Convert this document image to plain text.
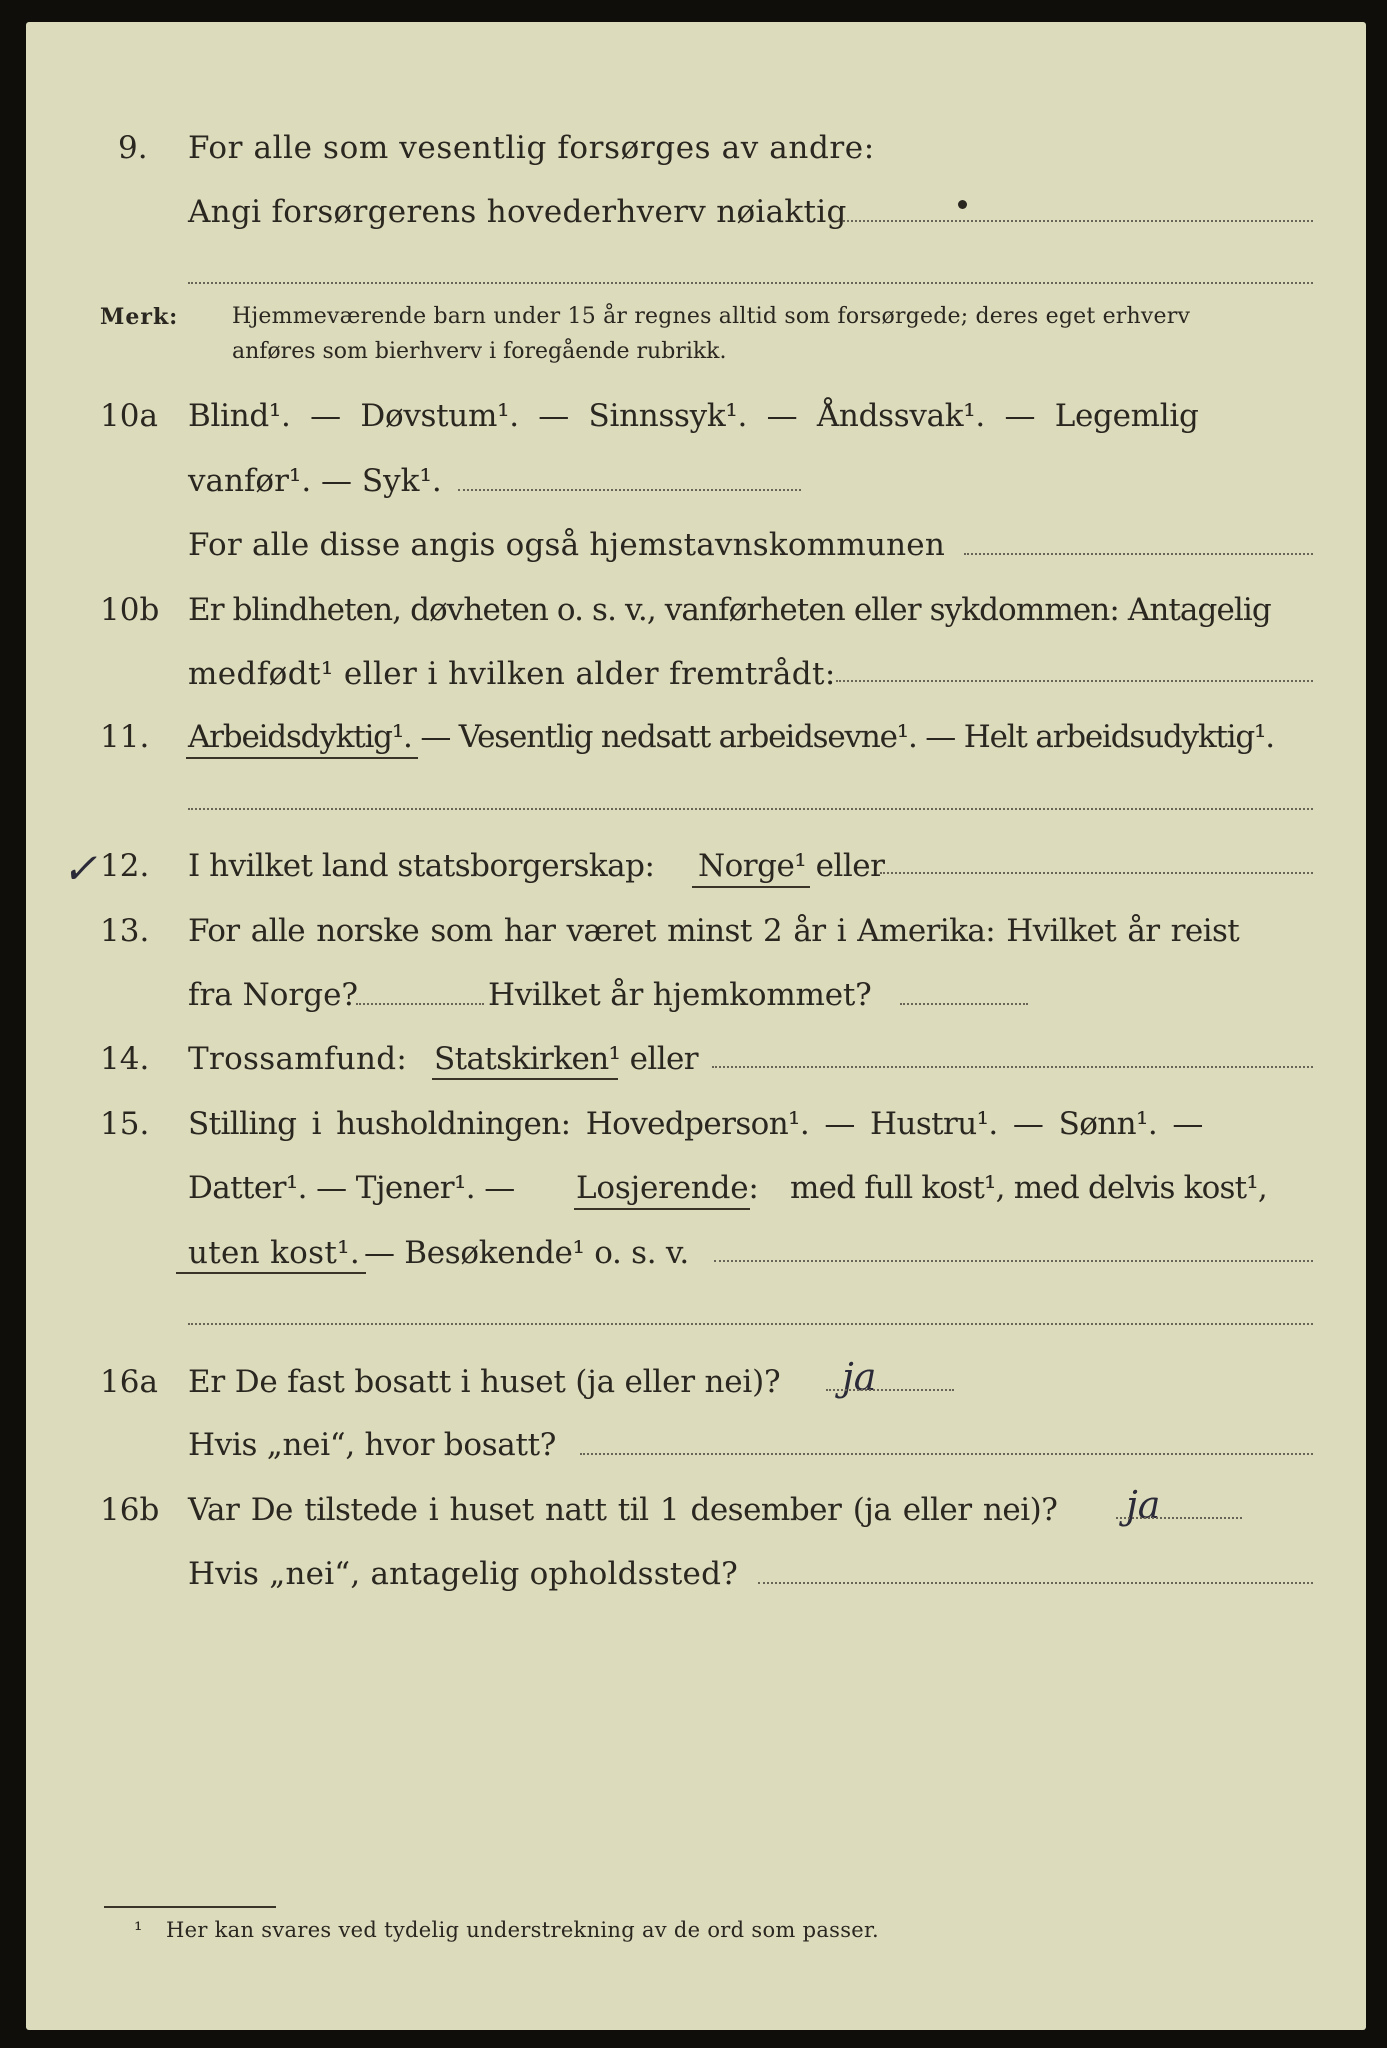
9. For alle som vesentlig forsørges av andre:
Angi forsørgerens hovederhverv nøiaktig
Merk: Hjemmeværende barn under 15 år regnes alltid som forsørgede; deres eget erhverv
anføres som bierhverv i foregående rubrikk.
10a Blind¹. — Døvstum¹. — Sinnssyk¹. — Åndssvak¹. — Legemlig
vanfør¹. — Syk¹.
For alle disse angis også hjemstavnskommunen
10b Er blindheten, døvheten o. s. v., vanførheten eller sykdommen: Antagelig
medfødt¹ eller i hvilken alder fremtrådt:
11. Arbeidsdyktig¹. — Vesentlig nedsatt arbeidsevne¹. — Helt arbeidsudyktig¹.
✓ 12. I hvilket land statsborgerskap: Norge¹ eller
13. For alle norske som har været minst 2 år i Amerika: Hvilket år reist
fra Norge?	Hvilket år hjemkommet?
14. Trossamfund: Statskirken¹ eller
15. Stilling i husholdningen: Hovedperson¹. — Hustru¹. — Sønn¹. —
Datter¹. — Tjener¹. — Losjerende: med full kost¹, med delvis kost¹,
uten kost¹. — Besøkende¹ o. s. v.
16a Er De fast bosatt i huset (ja eller nei)? ja
Hvis „nei“, hvor bosatt?
16b Var De tilstede i huset natt til 1 desember (ja eller nei)? ja
Hvis „nei“, antagelig opholdssted?
¹ Her kan svares ved tydelig understrekning av de ord som passer.
